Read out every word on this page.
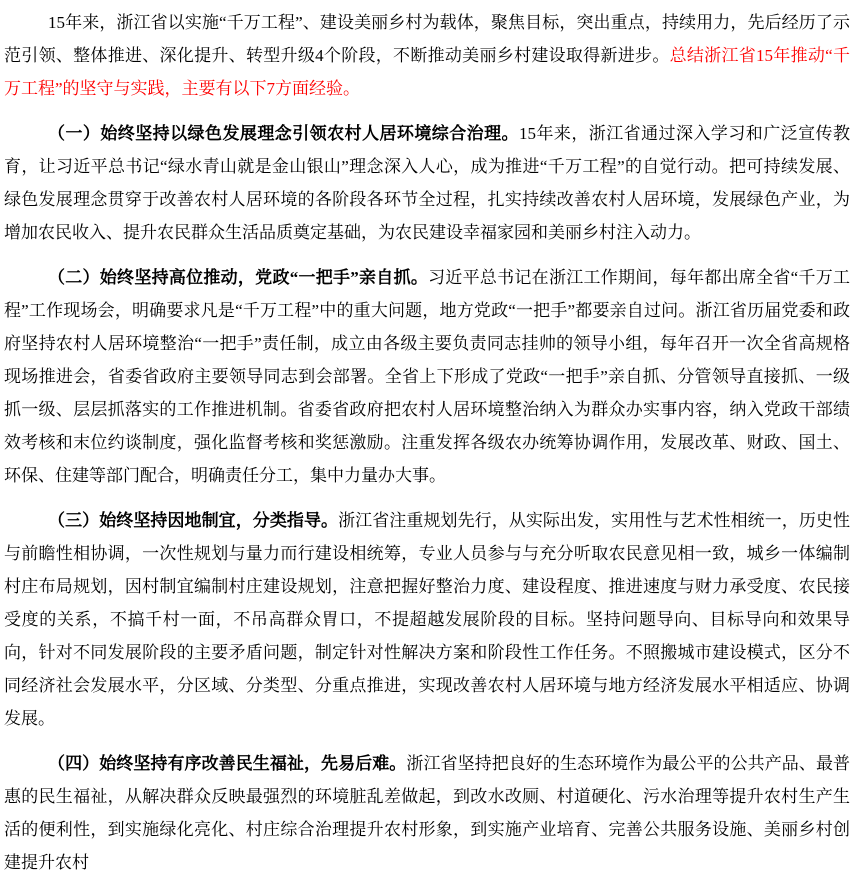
15年来，浙江省以实施“千万工程”、建设美丽乡村为载体，聚焦目标，突出重点，持续用力，先后经历了示范引领、整体推进、深化提升、转型升级4个阶段，不断推动美丽乡村建设取得新进步。总结浙江省15年推动“千万工程”的坚守与实践，主要有以下7方面经验。

（一）始终坚持以绿色发展理念引领农村人居环境综合治理。15年来，浙江省通过深入学习和广泛宣传教育，让习近平总书记“绿水青山就是金山银山”理念深入人心，成为推进“千万工程”的自觉行动。把可持续发展、绿色发展理念贯穿于改善农村人居环境的各阶段各环节全过程，扎实持续改善农村人居环境，发展绿色产业，为增加农民收入、提升农民群众生活品质奠定基础，为农民建设幸福家园和美丽乡村注入动力。

（二）始终坚持高位推动，党政“一把手”亲自抓。习近平总书记在浙江工作期间，每年都出席全省“千万工程”工作现场会，明确要求凡是“千万工程”中的重大问题，地方党政“一把手”都要亲自过问。浙江省历届党委和政府坚持农村人居环境整治“一把手”责任制，成立由各级主要负责同志挂帅的领导小组，每年召开一次全省高规格现场推进会，省委省政府主要领导同志到会部署。全省上下形成了党政“一把手”亲自抓、分管领导直接抓、一级抓一级、层层抓落实的工作推进机制。省委省政府把农村人居环境整治纳入为群众办实事内容，纳入党政干部绩效考核和末位约谈制度，强化监督考核和奖惩激励。注重发挥各级农办统筹协调作用，发展改革、财政、国土、环保、住建等部门配合，明确责任分工，集中力量办大事。

（三）始终坚持因地制宜，分类指导。浙江省注重规划先行，从实际出发，实用性与艺术性相统一，历史性与前瞻性相协调，一次性规划与量力而行建设相统筹，专业人员参与与充分听取农民意见相一致，城乡一体编制村庄布局规划，因村制宜编制村庄建设规划，注意把握好整治力度、建设程度、推进速度与财力承受度、农民接受度的关系，不搞千村一面，不吊高群众胃口，不提超越发展阶段的目标。坚持问题导向、目标导向和效果导向，针对不同发展阶段的主要矛盾问题，制定针对性解决方案和阶段性工作任务。不照搬城市建设模式，区分不同经济社会发展水平，分区域、分类型、分重点推进，实现改善农村人居环境与地方经济发展水平相适应、协调发展。

（四）始终坚持有序改善民生福祉，先易后难。浙江省坚持把良好的生态环境作为最公平的公共产品、最普惠的民生福祉，从解决群众反映最强烈的环境脏乱差做起，到改水改厕、村道硬化、污水治理等提升农村生产生活的便利性，到实施绿化亮化、村庄综合治理提升农村形象，到实施产业培育、完善公共服务设施、美丽乡村创建提升农村
